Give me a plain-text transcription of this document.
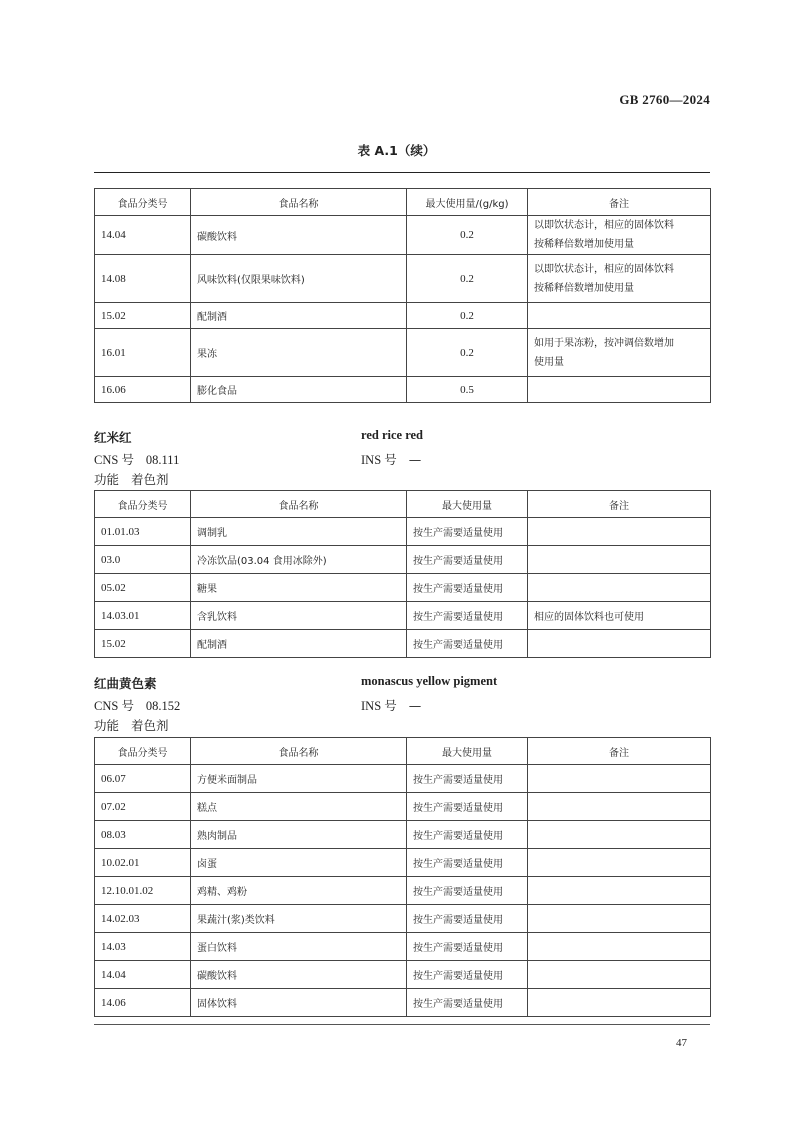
GB 2760—2024
表 A.1（续）
食品分类号	食品名称	最大使用量/(g/kg)	备注
14.04	碳酸饮料	0.2	以即饮状态计，相应的固体饮料
按稀释倍数增加使用量
14.08	风味饮料(仅限果味饮料)	0.2	以即饮状态计，相应的固体饮料
按稀释倍数增加使用量
15.02	配制酒	0.2	
16.01	果冻	0.2	如用于果冻粉，按冲调倍数增加
使用量
16.06	膨化食品	0.5	
红米红	red rice red
CNS 号 08.111	INS 号 —
功能 着色剂
食品分类号	食品名称	最大使用量	备注
01.01.03	调制乳	按生产需要适量使用	
03.0	冷冻饮品(03.04 食用冰除外)	按生产需要适量使用	
05.02	糖果	按生产需要适量使用	
14.03.01	含乳饮料	按生产需要适量使用	相应的固体饮料也可使用
15.02	配制酒	按生产需要适量使用	
红曲黄色素	monascus yellow pigment
CNS 号 08.152	INS 号 —
功能 着色剂
食品分类号	食品名称	最大使用量	备注
06.07	方便米面制品	按生产需要适量使用	
07.02	糕点	按生产需要适量使用	
08.03	熟肉制品	按生产需要适量使用	
10.02.01	卤蛋	按生产需要适量使用	
12.10.01.02	鸡精、鸡粉	按生产需要适量使用	
14.02.03	果蔬汁(浆)类饮料	按生产需要适量使用	
14.03	蛋白饮料	按生产需要适量使用	
14.04	碳酸饮料	按生产需要适量使用	
14.06	固体饮料	按生产需要适量使用	
47
